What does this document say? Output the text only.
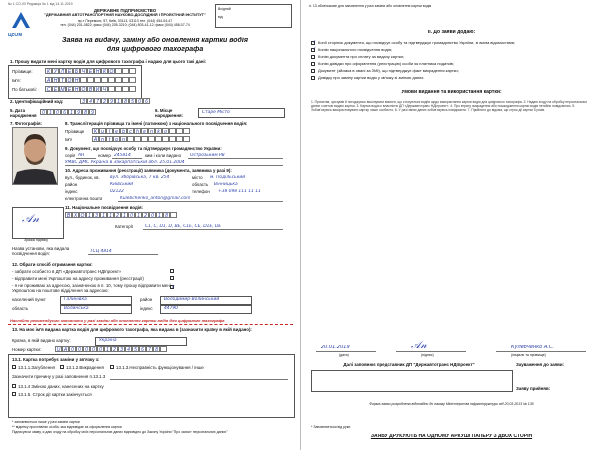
ЦсОм
№ 1 СО-03 Редакція № 1 від 14.11.2019
ДЕРЖАВНЕ ПІДПРИЄМСТВО
"ДЕРЖАВНИЙ АВТОТРАНСПОРТНИЙ НАУКОВО-ДОСЛІДНИЙ І ПРОЕКТНИЙ ІНСТИТУТ"
пр-т Перемоги, 57, Київ, 03113, 03113 тел. (044) 454-04-47
тел. (044) 201-0822; факс (044) 205-3210; (044) 803-41-12; факс (044) 458-07-74
Вхідний
від
Заява на видачу, заміну або оновлення картки водія
для цифрового тахографа
1. Прошу видати мені картку водія для цифрового тахографа і надаю для цього такі дані:
Прізвище:	К У Л Е Б Ч Е Н К О
Ім'я:	А Н Т О Н
По батькові:	С Е М Е Н О В И Ч
2. Ідентифікаційний код:	3 4 7 2 9 1 8 5 0 6
5. Дата народження	0 1 0 6 1 9 8 9	6. Місце народження:
Старе Місто
7. Фотографія:	8. Транслітерація прізвища та імені (латинкою) з національного посвідчення водія:
Прізвище	K u	l	e b c h e n k o
Ім'я	A n t o n
9. Документ, що посвідчує особу та підтверджує громадянство України:
серія АН	номер 245814	ким і коли видано Острозьким РВ
УМВС ДМС Україна в Закарпатській обл. 25.01.2004
10. Адреса проживання (реєстрації) заявника (документа, заявника у разі 9):
вул., будинок, кв. вул. Зборівська, 7 кв. 254	місто м. Подільський
район	Київський	область Вінницька
індекс	02122	телефон +38 098 111 11 11
електронна пошта	Kulebchenko_anton@gmail.com
11. Національне посвідчення водія:
𝒜𝓃
Зразок підпису
В Х О 1 3 1 1 2 1 0 1 2 0 1 8
Категорії	C1, C, D1, D, BE, C1E, CE, D1E, DE
Назва установи, яка видала посвідчення водія:	ТСЦ 4814
12. Обрати спосіб отримання картки:
- забрати особисто в ДП «Державтотранс НДІпроект»
- відправити мені Укрпоштою на адресу проживання (реєстрації)
- я не проживаю за адресою, зазначеною в п. 10, тому прошу відправити мені Укрпоштою на поштове відділення за адресою:
✓
населений пункт	Галинівка	район	Володимир-Волинський
область	Волинська	індекс	44790
Настійно рекомендуємо заповнити у разі заміни або оновлення картки водія для цифрового тахографа
13. На моє ім'я видана картка водія для цифрового тахографа, яка видана в (зазначити країну в якій видано):
Країна, в якій видано картку:	Україна
Номер картки:	U A 0 0 0 0 0 1 2 3 4 5 6 7 8
13.1. Картка потребує заміни у зв'язку з:
13.1.1.Загублення	13.1.2.Викрадення	13.1.3.Несправність функціонування / Інше
Зазначити причину у разі заповнення п.13.1.3
13.1.4 Зміною даних, нанесених на картку
13.1.5. Строк дії картки закінчується
* заповнюється лише у разі заміни картки
** відмітку проставляє особа, яка відповідає за оформлення картки
Підписуючи заяву, я даю згоду на обробку моїх персональних даних відповідно до Закону України "Про захист персональних даних"
п. 13 обов'язкове для заповнення у разі заміни або оновлення картки водія
II. До заяви додаю:
✓ Копії сторінок документа, що посвідчує особу та підтверджує громадянство України, зі всіма відомостями;
✓ Копію національного посвідчення водія;
Копію документа про сплату за видачу картки;
Копію довідки про оформлення (реєстрацію) особи як платника податків;
Документ (зйомка в овалі за ЗМІ), що підтверджує факт викрадення картки;
Довідку про заміну картки водія у зв'язку зі зміною даних.
Умови видання та використання картки:
1. Прочитав, зрозумів й погоджуюсь виконувати вимоги, що стосуються водіїв щодо використання картки водія для цифрового тахографа. 2. Надаю згоду на обробку персональних даних з метою видачі картки. 3. Картка водія є власністю ДП «Державтотранс НДІпроект». 4. Про втрату, викрадення або пошкодження картки водія негайно повідомляю. 5. Зобов'язуюсь використовувати картку лише особисто. 6. У разі зміни даних зобов'язуюсь повідомити. 7. Прийнято до відома, що строк дії картки 5 років.
20.01.2019	𝒜𝓃	Кулебченко А.С.
(дата)	(підпис)	(ініціали та прізвище)
Далі заповнює представник ДП "Державтотранс НДІпроект"	Зауваження до заяви:
Заяву прийняв:
Форма заяви розроблена відповідно до наказу Міністерства інфраструктури від 20.03.2013 № 135
* Заповнюється від руки
ЗАЯВУ ДРУКУЮТЬ НА ОДНОМУ АРКУШІ ПАПЕРУ З ДВОХ СТОРІН
